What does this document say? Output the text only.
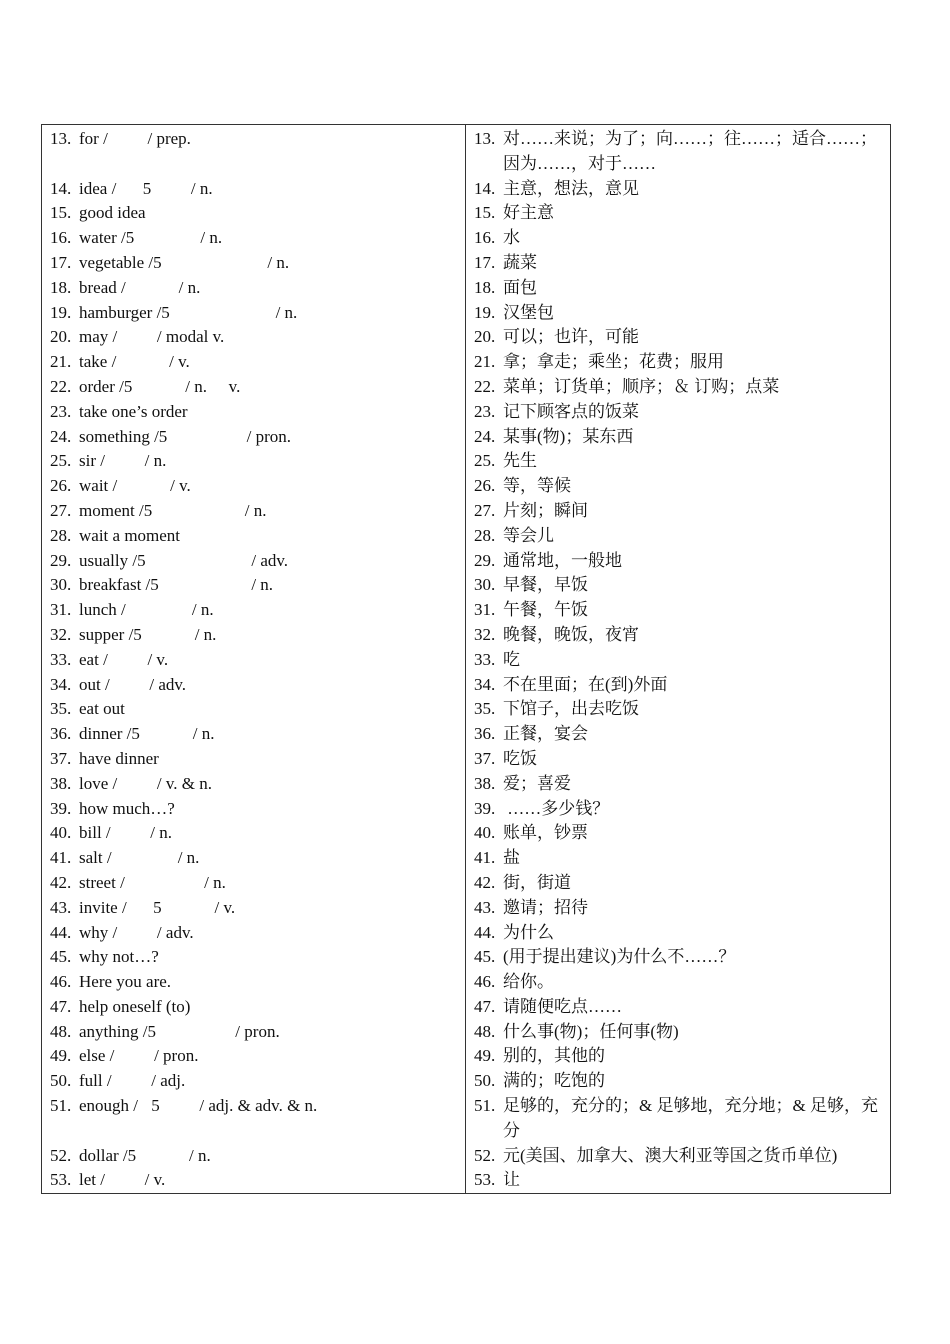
13. for /   / prep.
14. idea /  5   / n.
15. good idea
16. water /5     / n.
17. vegetable /5        / n.
18. bread /    / n.
19. hamburger /5        / n.
20. may /   / modal v.
21. take /    / v.
22. order /5    / n. ＆ v.
23. take one’s order
24. something /5      / pron.
25. sir /   / n.
26. wait /    / v.
27. moment /5       / n.
28. wait a moment
29. usually /5        / adv.
30. breakfast /5       / n.
31. lunch /     / n.
32. supper /5    / n.
33. eat /   / v.
34. out /   / adv.
35. eat out
36. dinner /5    / n.
37. have dinner
38. love /   / v. & n.
39. how much…?
40. bill /   / n.
41. salt /     / n.
42. street /      / n.
43. invite /  5    / v.
44. why /   / adv.
45. why not…?
46. Here you are.
47. help oneself (to)
48. anything /5      / pron.
49. else /   / pron.
50. full /   / adj.
51. enough / 5   / adj. & adv. & n.
52. dollar /5    / n.
53. let /   / v.
13. 对……来说；为了；向……；往……；适合……；因为……，对于……
14. 主意，想法，意见
15. 好主意
16. 水
17. 蔬菜
18. 面包
19. 汉堡包
20. 可以；也许，可能
21. 拿；拿走；乘坐；花费；服用
22. 菜单；订货单；顺序；＆ 订购；点菜
23. 记下顾客点的饭菜
24. 某事(物)；某东西
25. 先生
26. 等，等候
27. 片刻；瞬间
28. 等会儿
29. 通常地，一般地
30. 早餐，早饭
31. 午餐，午饭
32. 晚餐，晚饭，夜宵
33. 吃
34. 不在里面；在(到)外面
35. 下馆子，出去吃饭
36. 正餐，宴会
37. 吃饭
38. 爱；喜爱
39. ……多少钱？
40. 账单，钞票
41. 盐
42. 街，街道
43. 邀请；招待
44. 为什么
45. (用于提出建议)为什么不……？
46. 给你。
47. 请随便吃点……
48. 什么事(物)；任何事(物)
49. 别的，其他的
50. 满的；吃饱的
51. 足够的，充分的；& 足够地，充分地；& 足够，充分
52. 元(美国、加拿大、澳大利亚等国之货币单位)
53. 让
